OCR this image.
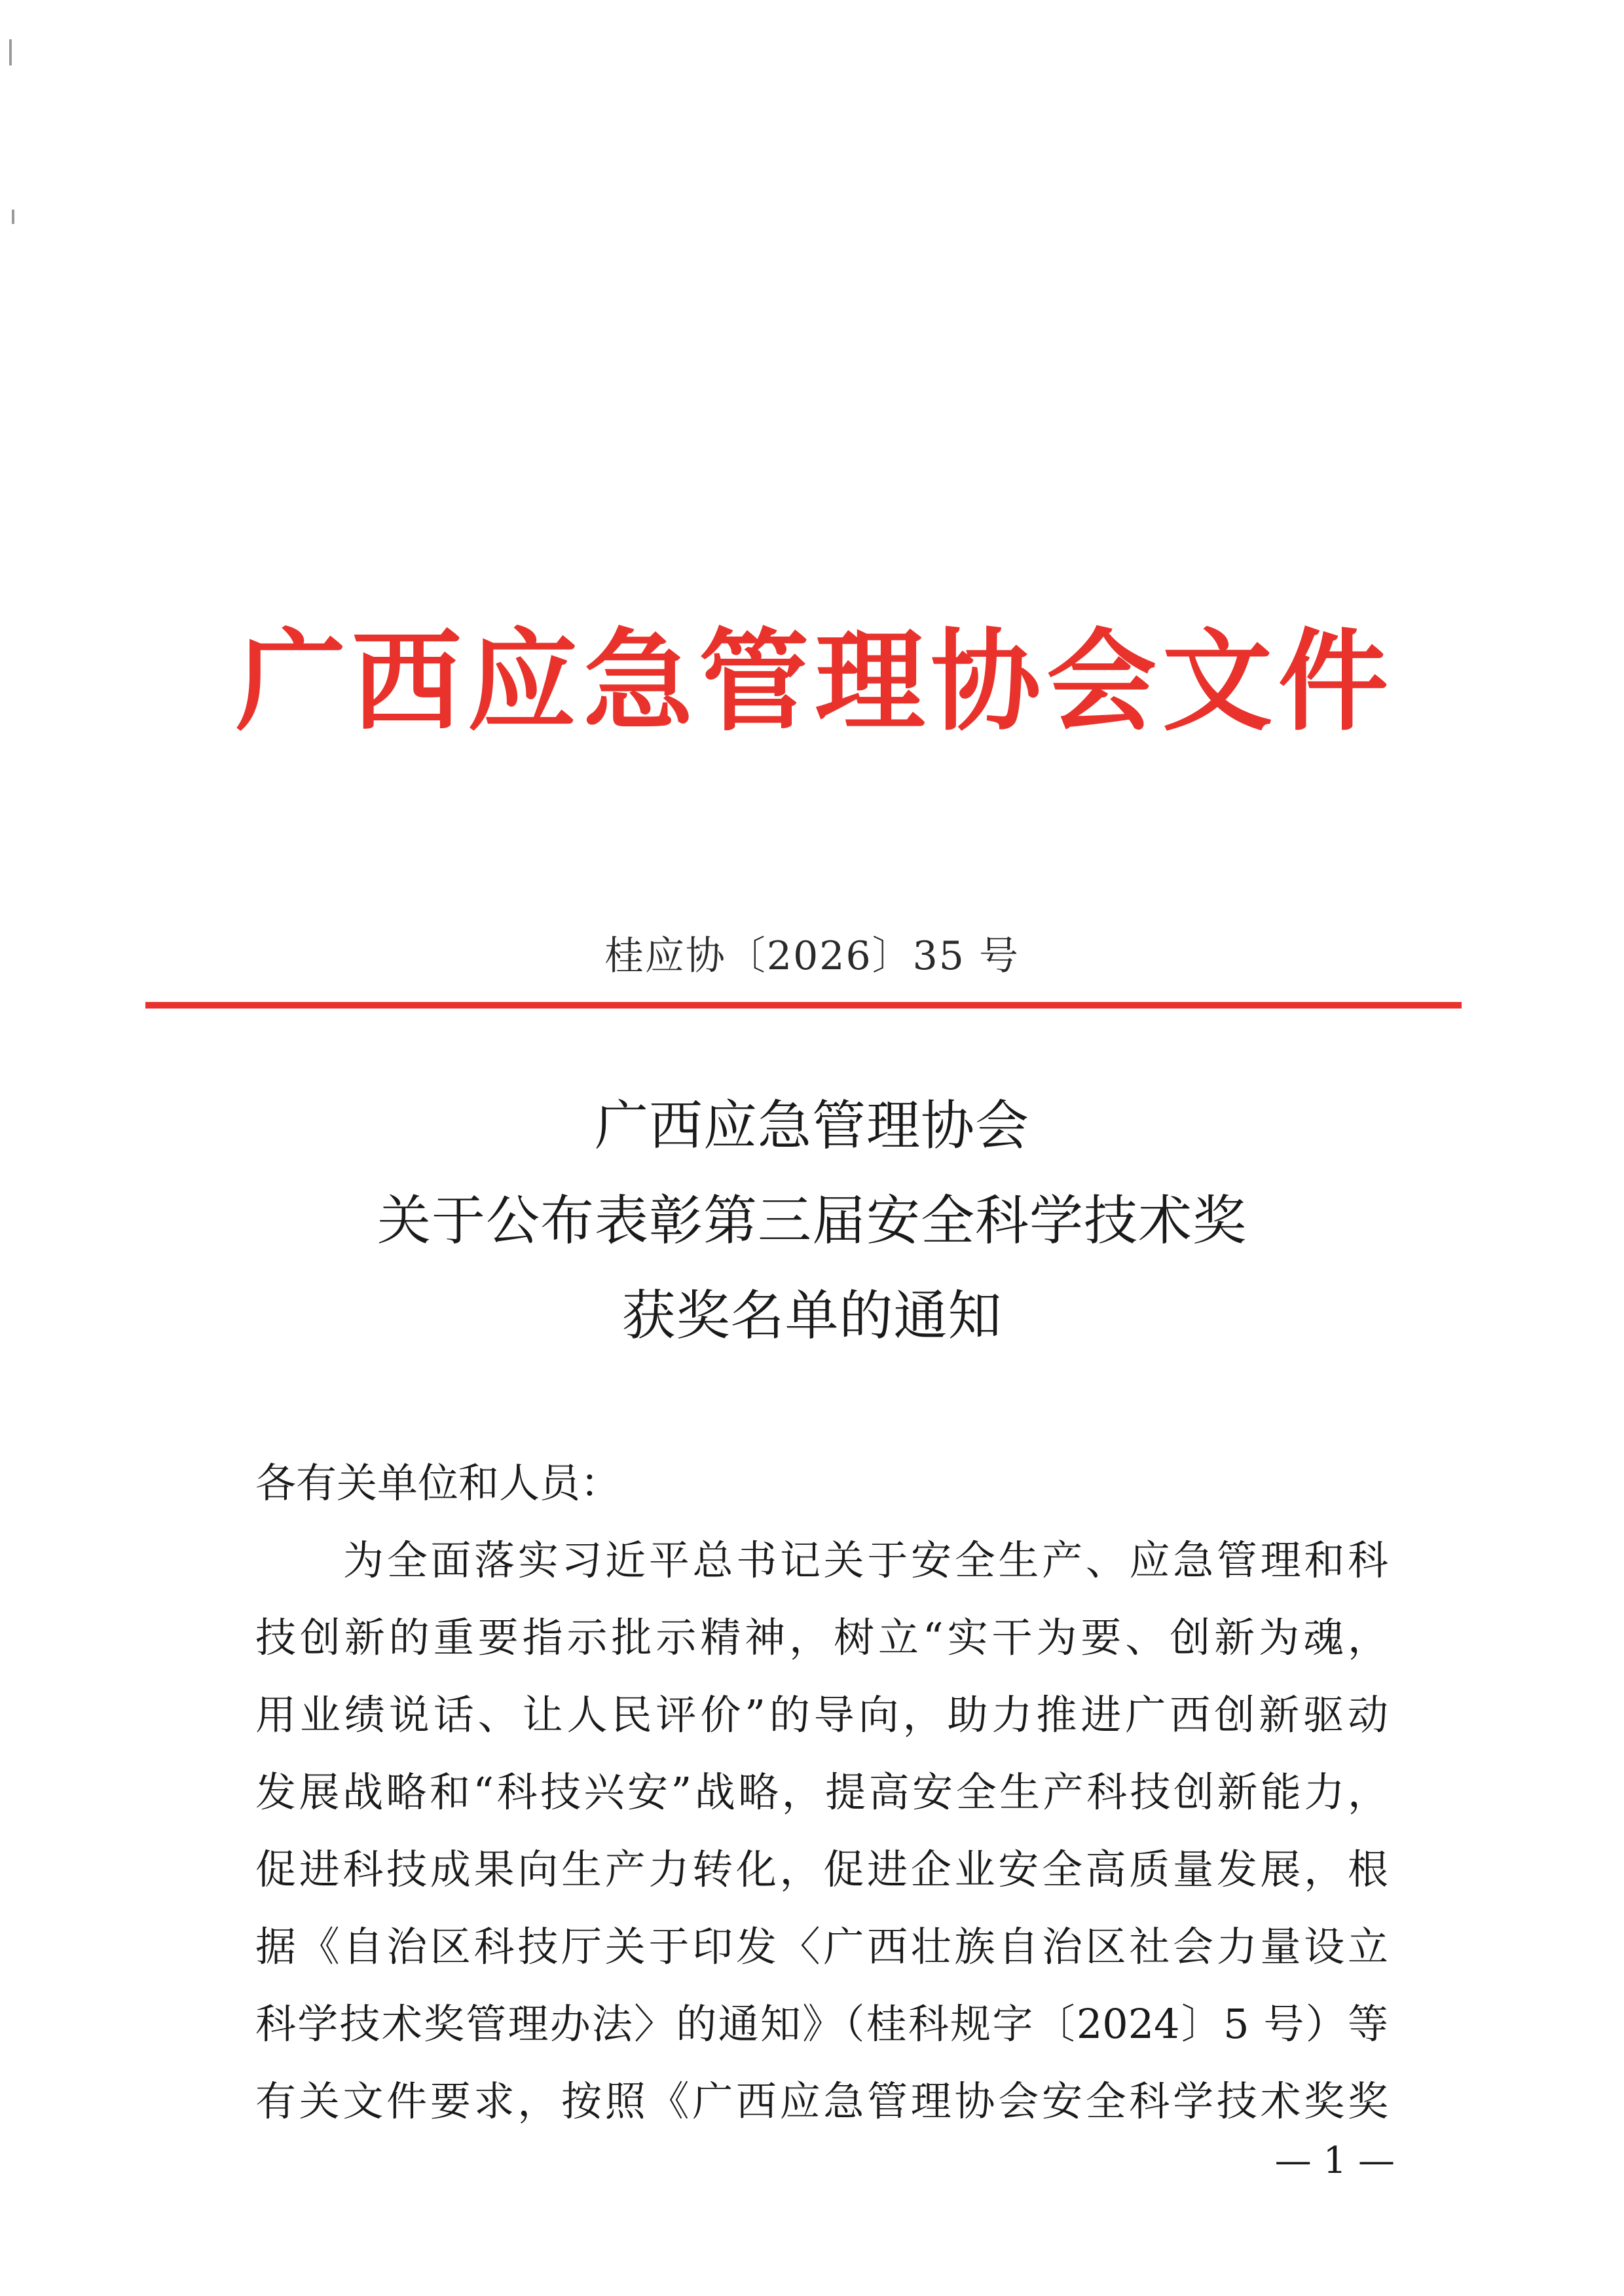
广 西 应 急 管 理 协 会 文 件
桂应协〔2026〕35 号
广西应急管理协会
关于公布表彰第三届安全科学技术奖
获奖名单的通知
各有关单位和人员：
为全面落实习近平总书记关于安全生产、应急管理和科
技创新的重要指示批示精神，树立“实干为要、创新为魂，
用业绩说话、让人民评价”的导向，助力推进广西创新驱动
发展战略和“科技兴安”战略，提高安全生产科技创新能力，
促进科技成果向生产力转化，促进企业安全高质量发展，根
据《自治区科技厅关于印发〈广西壮族自治区社会力量设立
科学技术奖管理办法〉的通知》（桂科规字〔2024〕5 号）等
有关文件要求，按照《广西应急管理协会安全科学技术奖奖
— 1 —
